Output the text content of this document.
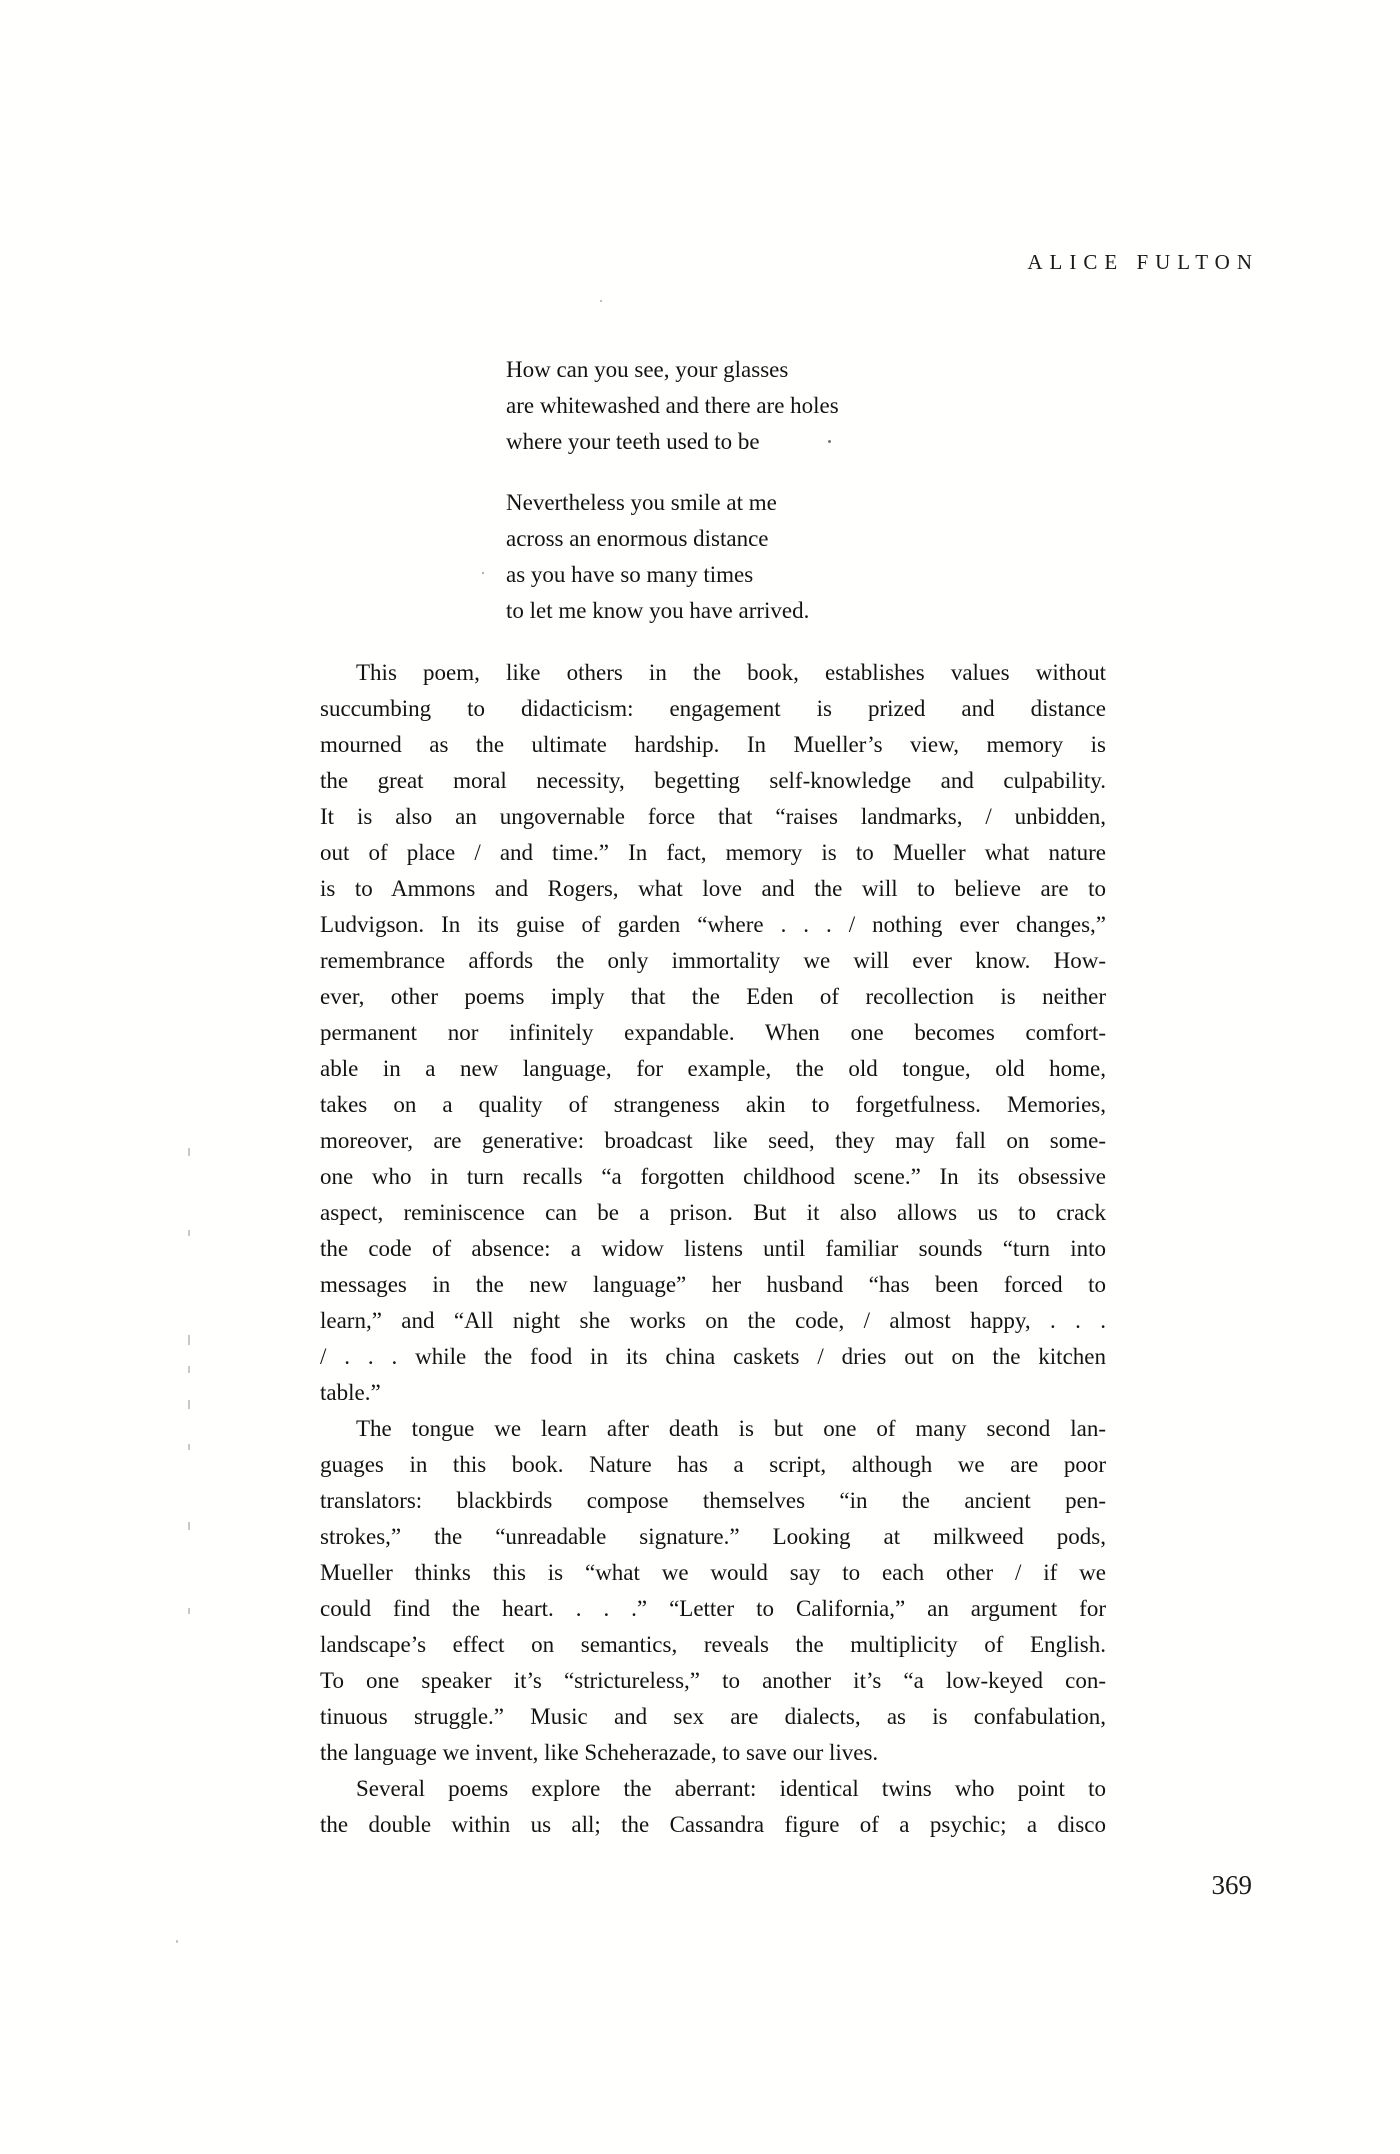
ALICE FULTON
How can you see, your glasses
are whitewashed and there are holes
where your teeth used to be
Nevertheless you smile at me
across an enormous distance
as you have so many times
to let me know you have arrived.
This poem, like others in the book, establishes values without
succumbing to didacticism: engagement is prized and distance
mourned as the ultimate hardship. In Mueller’s view, memory is
the great moral necessity, begetting self-knowledge and culpability.
It is also an ungovernable force that “raises landmarks, / unbidden,
out of place / and time.” In fact, memory is to Mueller what nature
is to Ammons and Rogers, what love and the will to believe are to
Ludvigson. In its guise of garden “where . . . / nothing ever changes,”
remembrance affords the only immortality we will ever know. How-
ever, other poems imply that the Eden of recollection is neither
permanent nor infinitely expandable. When one becomes comfort-
able in a new language, for example, the old tongue, old home,
takes on a quality of strangeness akin to forgetfulness. Memories,
moreover, are generative: broadcast like seed, they may fall on some-
one who in turn recalls “a forgotten childhood scene.” In its obsessive
aspect, reminiscence can be a prison. But it also allows us to crack
the code of absence: a widow listens until familiar sounds “turn into
messages in the new language” her husband “has been forced to
learn,” and “All night she works on the code, / almost happy, . . .
/ . . . while the food in its china caskets / dries out on the kitchen
table.”
The tongue we learn after death is but one of many second lan-
guages in this book. Nature has a script, although we are poor
translators: blackbirds compose themselves “in the ancient pen-
strokes,” the “unreadable signature.” Looking at milkweed pods,
Mueller thinks this is “what we would say to each other / if we
could find the heart. . . .” “Letter to California,” an argument for
landscape’s effect on semantics, reveals the multiplicity of English.
To one speaker it’s “strictureless,” to another it’s “a low-keyed con-
tinuous struggle.” Music and sex are dialects, as is confabulation,
the language we invent, like Scheherazade, to save our lives.
Several poems explore the aberrant: identical twins who point to
the double within us all; the Cassandra figure of a psychic; a disco
369
